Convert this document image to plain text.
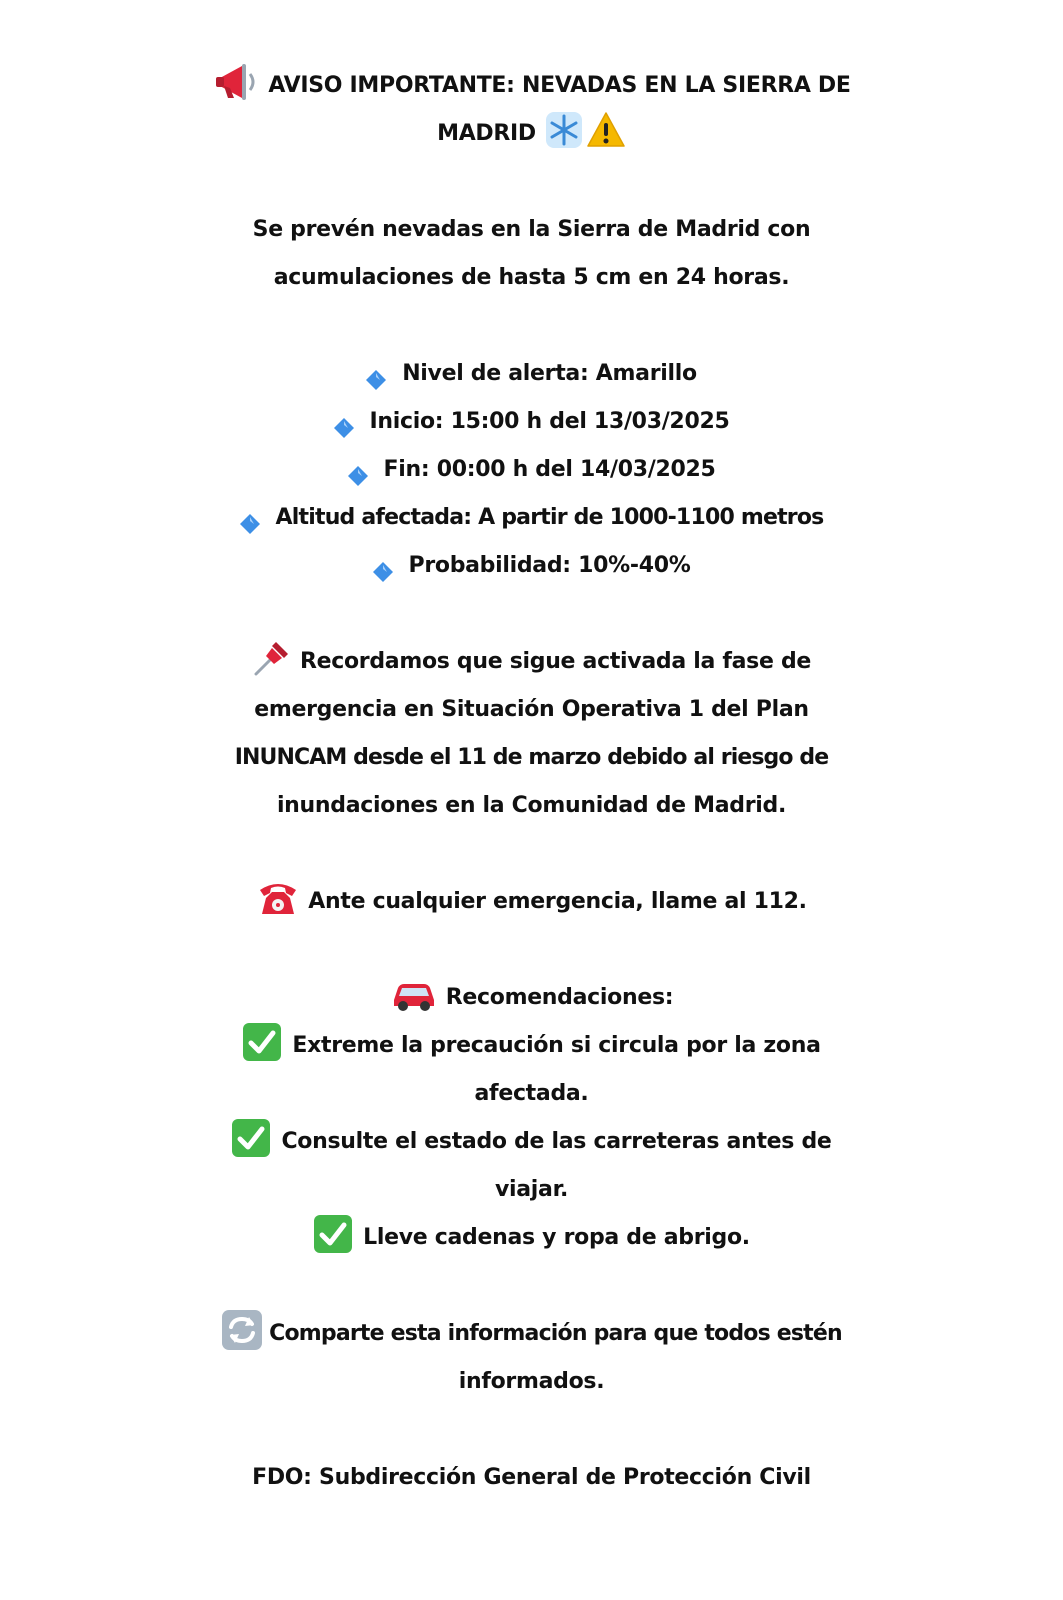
AVISO IMPORTANTE: NEVADAS EN LA SIERRA DE
MADRID
Se prevén nevadas en la Sierra de Madrid con
acumulaciones de hasta 5 cm en 24 horas.
Nivel de alerta: Amarillo
Inicio: 15:00 h del 13/03/2025
Fin: 00:00 h del 14/03/2025
Altitud afectada: A partir de 1000-1100 metros
Probabilidad: 10%-40%
Recordamos que sigue activada la fase de
emergencia en Situación Operativa 1 del Plan
INUNCAM desde el 11 de marzo debido al riesgo de
inundaciones en la Comunidad de Madrid.
Ante cualquier emergencia, llame al 112.
Recomendaciones:
Extreme la precaución si circula por la zona
afectada.
Consulte el estado de las carreteras antes de
viajar.
Lleve cadenas y ropa de abrigo.
Comparte esta información para que todos estén
informados.
FDO: Subdirección General de Protección Civil
